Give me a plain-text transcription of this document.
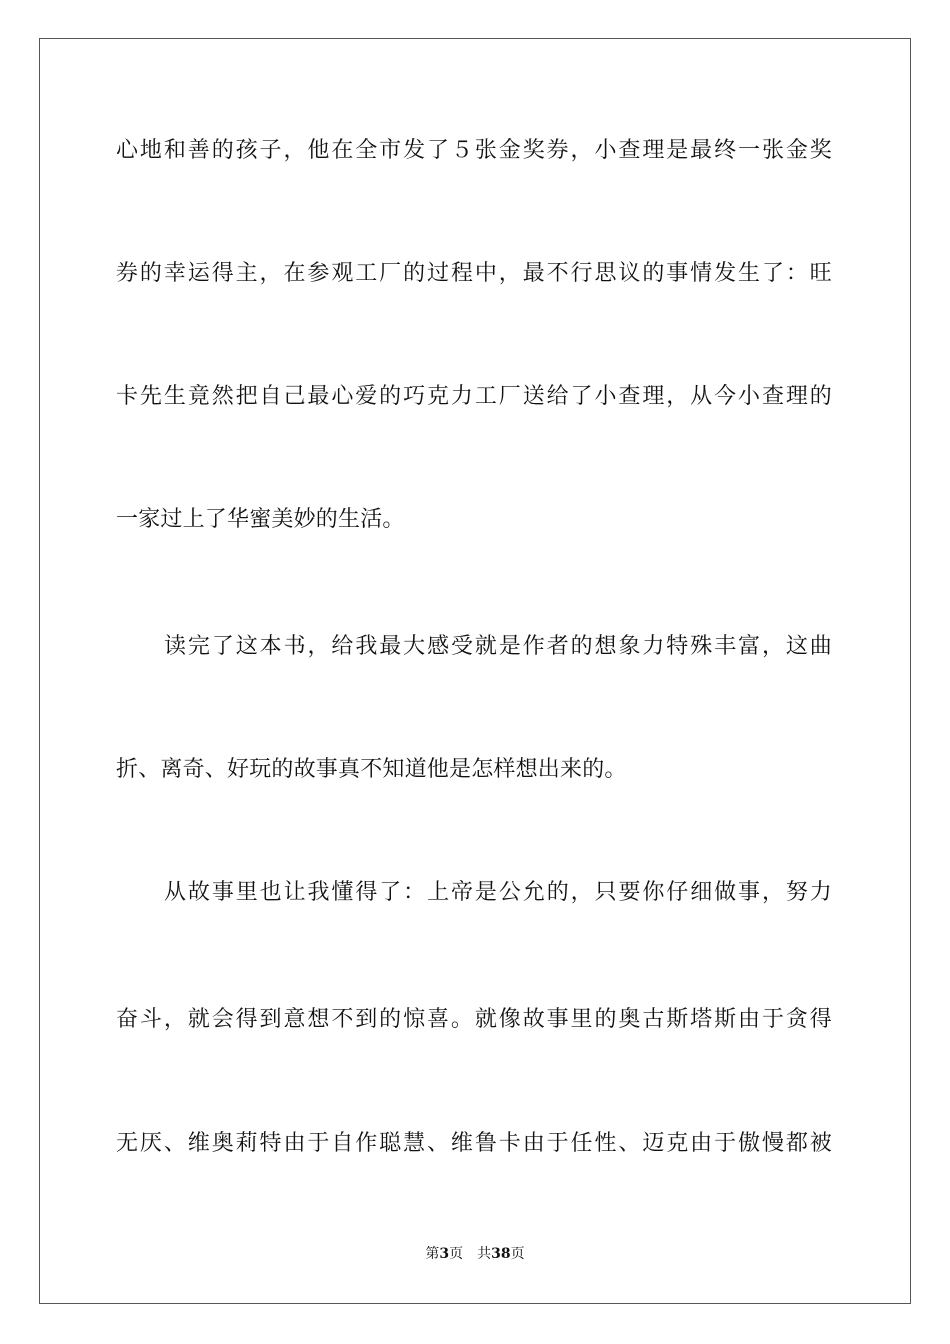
心地和善的孩子，他在全市发了５张金奖券，小查理是最终一张金奖
券的幸运得主，在参观工厂的过程中，最不行思议的事情发生了：旺
卡先生竟然把自己最心爱的巧克力工厂送给了小查理，从今小查理的
一家过上了华蜜美妙的生活。
读完了这本书，给我最大感受就是作者的想象力特殊丰富，这曲
折、离奇、好玩的故事真不知道他是怎样想出来的。
从故事里也让我懂得了：上帝是公允的，只要你仔细做事，努力
奋斗，就会得到意想不到的惊喜。就像故事里的奥古斯塔斯由于贪得
无厌、维奥莉特由于自作聪慧、维鲁卡由于任性、迈克由于傲慢都被
第3页 共38页
